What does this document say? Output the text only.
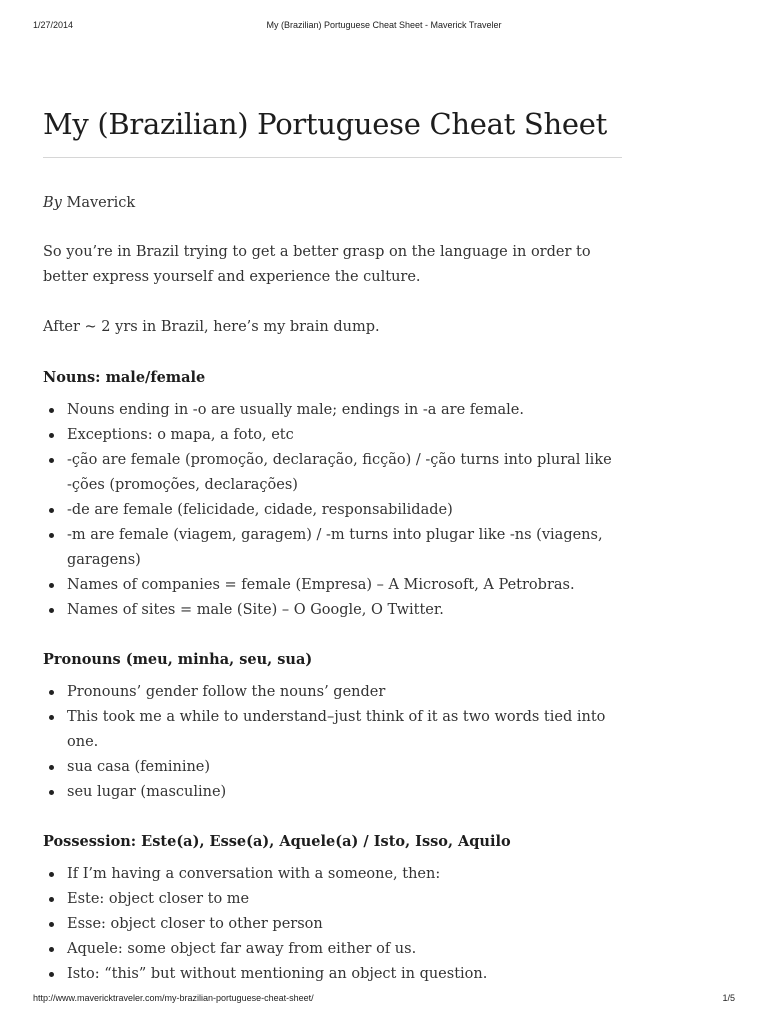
1/27/2014	My (Brazilian) Portuguese Cheat Sheet - Maverick Traveler
My (Brazilian) Portuguese Cheat Sheet
By Maverick

So you’re in Brazil trying to get a better grasp on the language in order to better express yourself and experience the culture.

After ~ 2 yrs in Brazil, here’s my brain dump.

Nouns: male/female
Nouns ending in -o are usually male; endings in -a are female.
Exceptions: o mapa, a foto, etc
-ção are female (promoção, declaração, ficção) / -ção turns into plural like -ções (promoções, declarações)
-de are female (felicidade, cidade, responsabilidade)
-m are female (viagem, garagem) / -m turns into plugar like -ns (viagens, garagens)
Names of companies = female (Empresa) – A Microsoft, A Petrobras.
Names of sites = male (Site) – O Google, O Twitter.
Pronouns (meu, minha, seu, sua)
Pronouns’ gender follow the nouns’ gender
This took me a while to understand–just think of it as two words tied into one.
sua casa (feminine)
seu lugar (masculine)
Possession: Este(a), Esse(a), Aquele(a) / Isto, Isso, Aquilo
If I’m having a conversation with a someone, then:
Este: object closer to me
Esse: object closer to other person
Aquele: some object far away from either of us.
Isto: “this” but without mentioning an object in question.
http://www.mavericktraveler.com/my-brazilian-portuguese-cheat-sheet/	1/5
